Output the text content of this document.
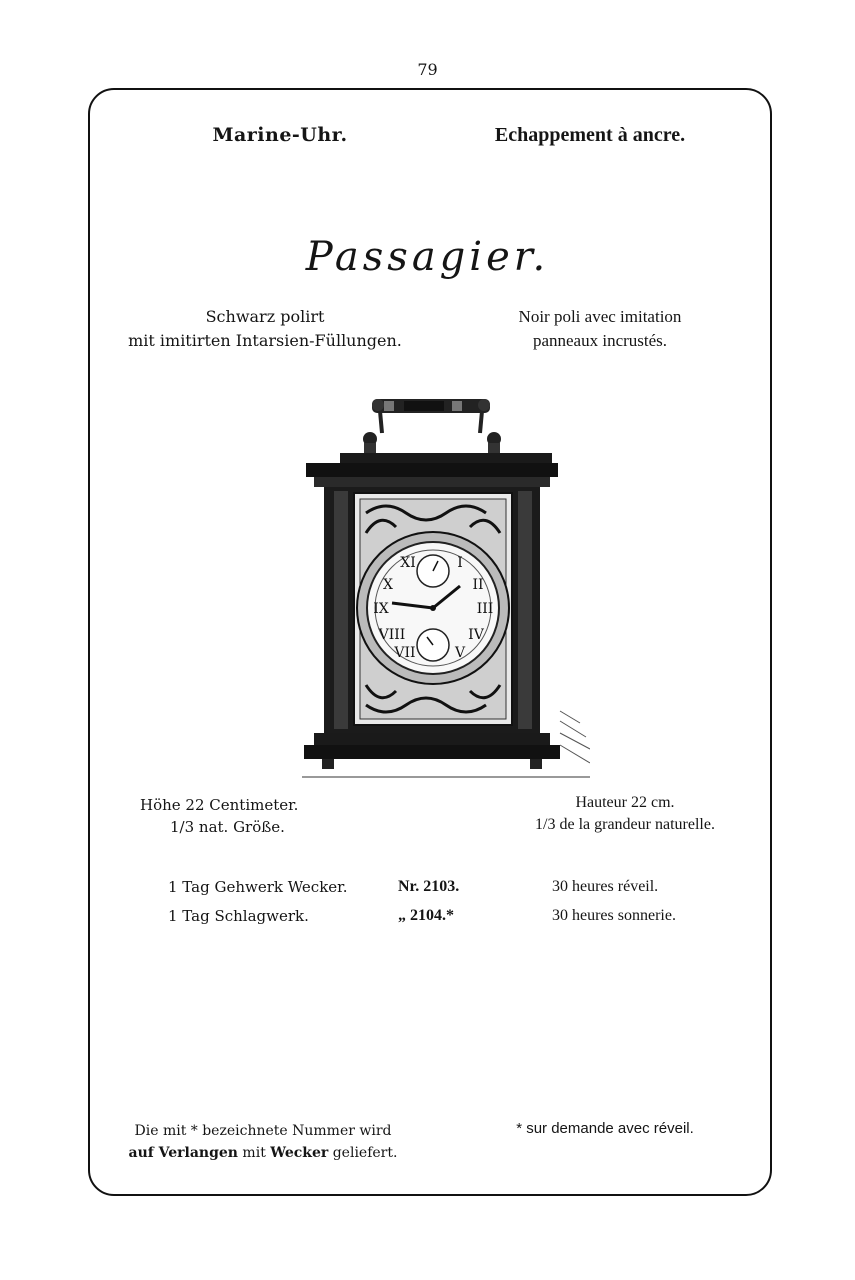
79
Marine-Uhr.	Echappement à ancre.
Passagier.
Schwarz polirt
mit imitirten Intarsien-Füllungen.
Noir poli avec imitation
panneaux incrustés.
III
IX
II
X
IV
VIII
VII	V
XI	I
Höhe 22 Centimeter.
1/3 nat. Größe.
Hauteur 22 cm.
1/3 de la grandeur naturelle.
1 Tag Gehwerk Wecker.	Nr. 2103.	30 heures réveil.
1 Tag Schlagwerk.	„ 2104.*	30 heures sonnerie.
Die mit * bezeichnete Nummer wird
auf Verlangen mit Wecker geliefert.
* sur demande avec réveil.
